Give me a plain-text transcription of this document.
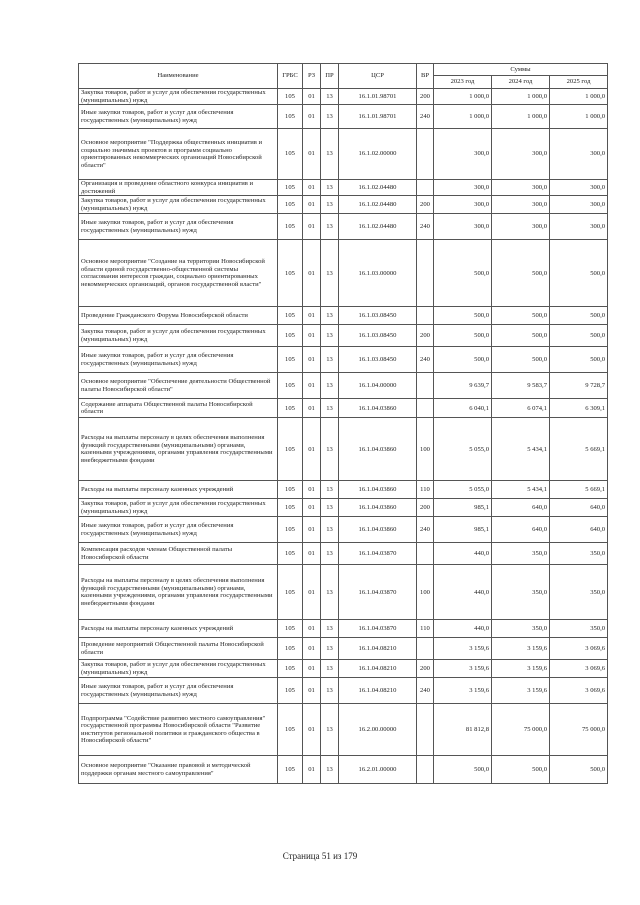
Наименование	ГРБС	РЗ	ПР	ЦСР	ВР	Суммы		
						2023 год	2024 год	2025 год
Закупка товаров, работ и услуг для обеспечения государственных (муниципальных) нужд	105	01	13	16.1.01.98701	200	1 000,0	1 000,0	1 000,0
Иные закупки товаров, работ и услуг для обеспечения государственных (муниципальных) нужд	105	01	13	16.1.01.98701	240	1 000,0	1 000,0	1 000,0
Основное мероприятие "Поддержка общественных инициатив и социально значимых проектов и программ социально ориентированных некоммерческих организаций Новосибирской области"	105	01	13	16.1.02.00000		300,0	300,0	300,0
Организация и проведение областного конкурса инициатив и достижений	105	01	13	16.1.02.04480		300,0	300,0	300,0
Закупка товаров, работ и услуг для обеспечения государственных (муниципальных) нужд	105	01	13	16.1.02.04480	200	300,0	300,0	300,0
Иные закупки товаров, работ и услуг для обеспечения государственных (муниципальных) нужд	105	01	13	16.1.02.04480	240	300,0	300,0	300,0
Основное мероприятие "Создание на территории Новосибирской области единой государственно-общественной системы согласования интересов граждан, социально ориентированных некоммерческих организаций, органов государственной власти"	105	01	13	16.1.03.00000		500,0	500,0	500,0
Проведение Гражданского Форума Новосибирской области	105	01	13	16.1.03.08450		500,0	500,0	500,0
Закупка товаров, работ и услуг для обеспечения государственных (муниципальных) нужд	105	01	13	16.1.03.08450	200	500,0	500,0	500,0
Иные закупки товаров, работ и услуг для обеспечения государственных (муниципальных) нужд	105	01	13	16.1.03.08450	240	500,0	500,0	500,0
Основное мероприятие "Обеспечение деятельности Общественной палаты Новосибирской области"	105	01	13	16.1.04.00000		9 639,7	9 583,7	9 728,7
Содержание аппарата Общественной палаты Новосибирской области	105	01	13	16.1.04.03860		6 040,1	6 074,1	6 309,1
Расходы на выплаты персоналу в целях обеспечения выполнения функций государственными (муниципальными) органами, казенными учреждениями, органами управления государственными внебюджетными фондами	105	01	13	16.1.04.03860	100	5 055,0	5 434,1	5 669,1
Расходы на выплаты персоналу казенных учреждений	105	01	13	16.1.04.03860	110	5 055,0	5 434,1	5 669,1
Закупка товаров, работ и услуг для обеспечения государственных (муниципальных) нужд	105	01	13	16.1.04.03860	200	985,1	640,0	640,0
Иные закупки товаров, работ и услуг для обеспечения государственных (муниципальных) нужд	105	01	13	16.1.04.03860	240	985,1	640,0	640,0
Компенсация расходов членам Общественной палаты Новосибирской области	105	01	13	16.1.04.03870		440,0	350,0	350,0
Расходы на выплаты персоналу в целях обеспечения выполнения функций государственными (муниципальными) органами, казенными учреждениями, органами управления государственными внебюджетными фондами	105	01	13	16.1.04.03870	100	440,0	350,0	350,0
Расходы на выплаты персоналу казенных учреждений	105	01	13	16.1.04.03870	110	440,0	350,0	350,0
Проведение мероприятий Общественной палаты Новосибирской области	105	01	13	16.1.04.08210		3 159,6	3 159,6	3 069,6
Закупка товаров, работ и услуг для обеспечения государственных (муниципальных) нужд	105	01	13	16.1.04.08210	200	3 159,6	3 159,6	3 069,6
Иные закупки товаров, работ и услуг для обеспечения государственных (муниципальных) нужд	105	01	13	16.1.04.08210	240	3 159,6	3 159,6	3 069,6
Подпрограмма "Содействие развитию местного самоуправления" государственной программы Новосибирской области "Развитие институтов региональной политики и гражданского общества в Новосибирской области"	105	01	13	16.2.00.00000		81 812,8	75 000,0	75 000,0
Основное мероприятие "Оказание правовой и методической поддержки органам местного самоуправления"	105	01	13	16.2.01.00000		500,0	500,0	500,0
Страница 51 из 179
